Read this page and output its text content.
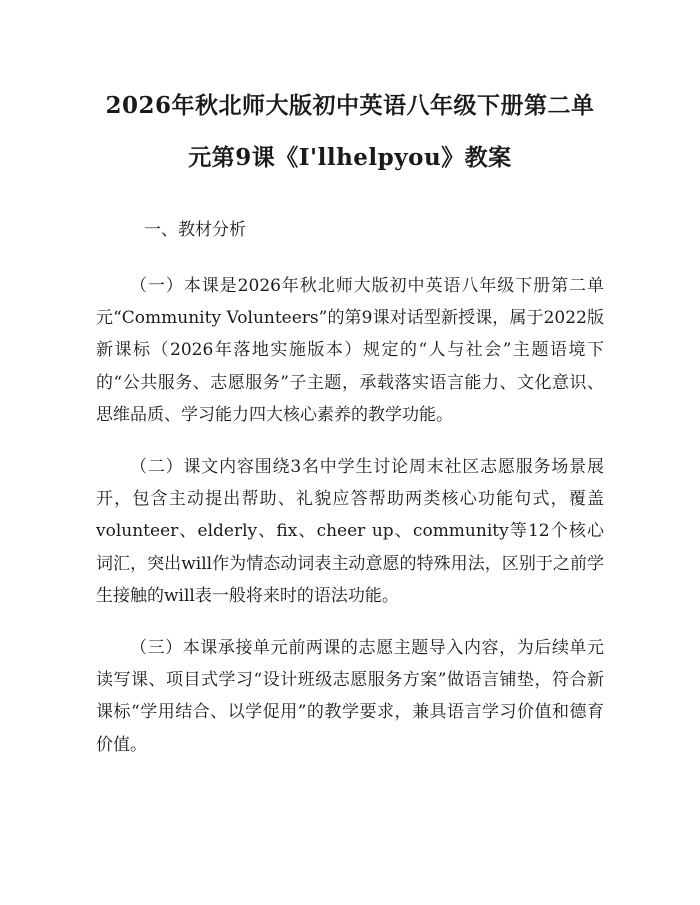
2026年秋北师大版初中英语八年级下册第二单元第9课《I'llhelpyou》教案
一、教材分析

（一）本课是2026年秋北师大版初中英语八年级下册第二单元“Community Volunteers”的第9课对话型新授课，属于2022版新课标（2026年落地实施版本）规定的“人与社会”主题语境下的“公共服务、志愿服务”子主题，承载落实语言能力、文化意识、思维品质、学习能力四大核心素养的教学功能。

（二）课文内容围绕3名中学生讨论周末社区志愿服务场景展开，包含主动提出帮助、礼貌应答帮助两类核心功能句式，覆盖volunteer、elderly、fix、cheer up、community等12个核心词汇，突出will作为情态动词表主动意愿的特殊用法，区别于之前学生接触的will表一般将来时的语法功能。

（三）本课承接单元前两课的志愿主题导入内容，为后续单元读写课、项目式学习“设计班级志愿服务方案”做语言铺垫，符合新课标“学用结合、以学促用”的教学要求，兼具语言学习价值和德育价值。
